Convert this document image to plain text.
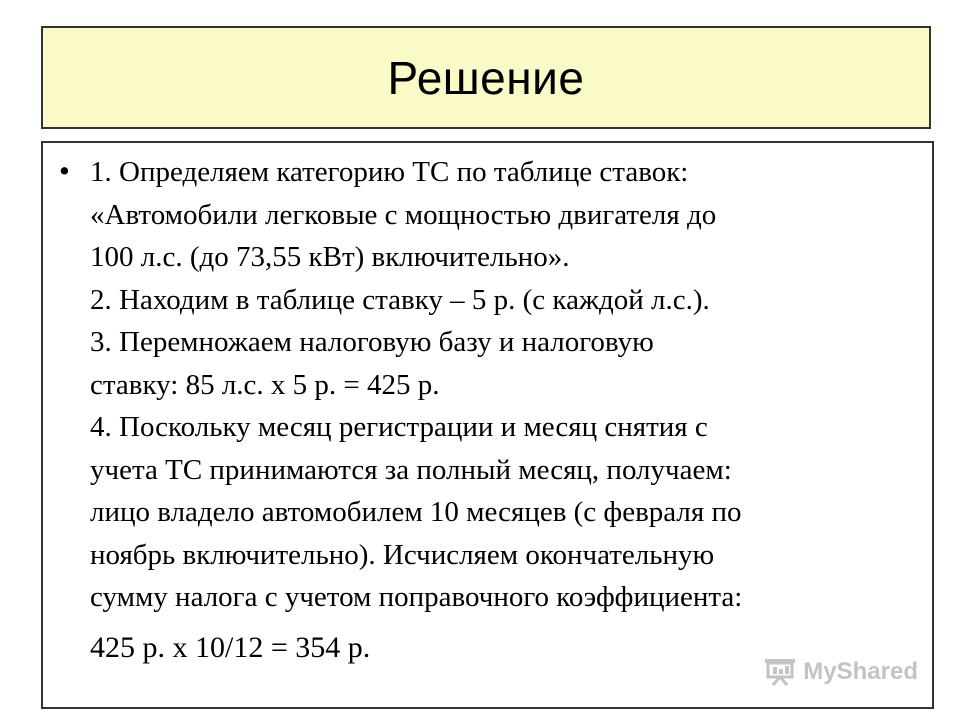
Решение
• 1. Определяем категорию ТС по таблице ставок:
«Автомобили легковые с мощностью двигателя до
100 л.с. (до 73,55 кВт) включительно».
2. Находим в таблице ставку – 5 р. (с каждой л.с.).
3. Перемножаем налоговую базу и налоговую
ставку: 85 л.с. х 5 р. = 425 р.
4. Поскольку месяц регистрации и месяц снятия с
учета ТС принимаются за полный месяц, получаем:
лицо владело автомобилем 10 месяцев (с февраля по
ноябрь включительно). Исчисляем окончательную
сумму налога с учетом поправочного коэффициента:
425 р. х 10/12 = 354 р.
MyShared
